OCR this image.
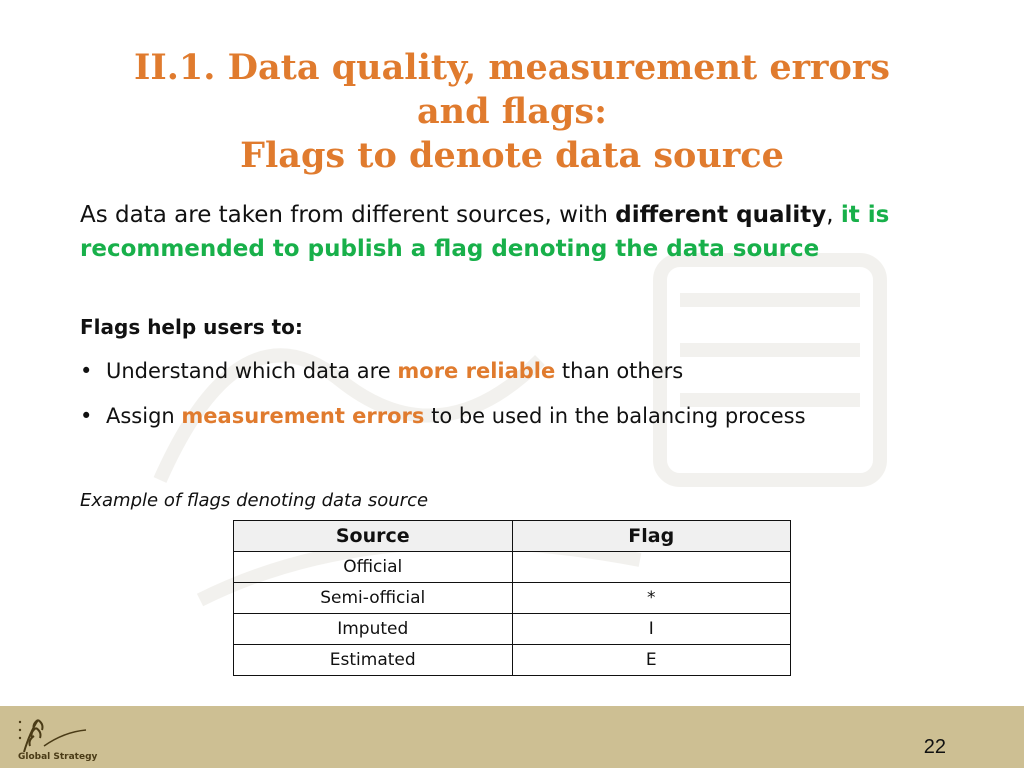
II.1. Data quality, measurement errors
and flags:
Flags to denote data source
As data are taken from different sources, with different quality, it is recommended to publish a flag denoting the data source
Flags help users to:
• Understand which data are more reliable than others
• Assign measurement errors to be used in the balancing process
Example of flags denoting data source
Source	Flag
Official	
Semi-official	*
Imputed	I
Estimated	E
Global Strategy	22
